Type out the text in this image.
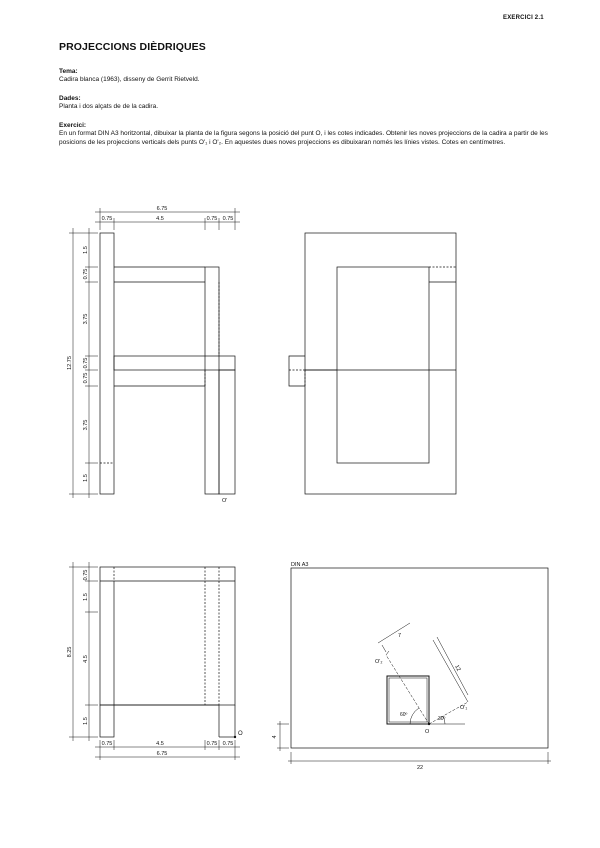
EXERCICI 2.1
PROJECCIONS DIÈDRIQUES
Tema:
Cadira blanca (1963), disseny de Gerrit Rietveld.
Dades:
Planta i dos alçats de de la cadira.
Exercici:
En un format DIN A3 horitzontal, dibuixar la planta de la figura segons la posició del punt O, i les cotes indicades. Obtenir les noves projeccions de la cadira a partir de les posicions de les projeccions verticals dels punts O'₁ i O'₂. En aquestes dues noves projeccions es dibuixaran només les línies vistes. Cotes en centímetres.
6.75
0.75	4.5	0.75 0.75
12.75
1.5
0.75
3.75
0.75
0.75
3.75
1.5
O'
0.75
1.5
4.5
1.5
8.25
0.75	4.5	0.75 0.75
6.75
O
DIN A3
22
4
7
12
60º
30º
O
O'₂
O'₁
